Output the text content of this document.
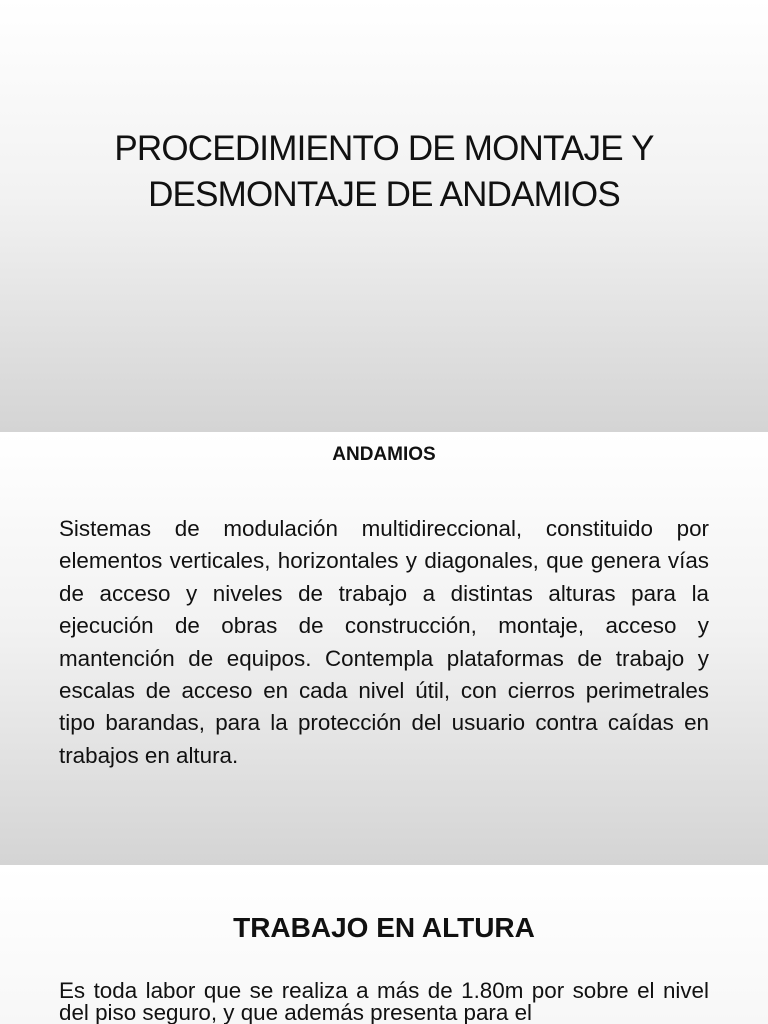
PROCEDIMIENTO DE MONTAJE Y
DESMONTAJE DE ANDAMIOS
ANDAMIOS

Sistemas de modulación multidireccional, constituido por elementos verticales, horizontales y diagonales, que genera vías de acceso y niveles de trabajo a distintas alturas para la ejecución de obras de construcción, montaje, acceso y mantención de equipos. Contempla plataformas de trabajo y escalas de acceso en cada nivel útil, con cierros perimetrales tipo barandas, para la protección del usuario contra caídas en trabajos en altura.

TRABAJO EN ALTURA

Es toda labor que se realiza a más de 1.80m por sobre el nivel del piso seguro, y que además presenta para el
